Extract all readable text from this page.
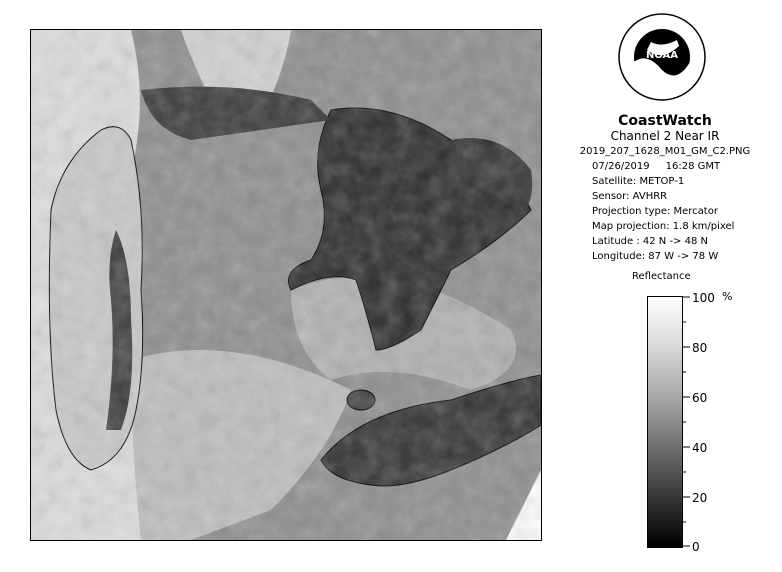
NOAA
CoastWatch
Channel 2 Near IR
2019_207_1628_M01_GM_C2.PNG
07/26/2019 16:28 GMT
Satellite: METOP-1
Sensor: AVHRR
Projection type: Mercator
Map projection: 1.8 km/pixel
Latitude : 42 N -> 48 N
Longitude: 87 W -> 78 W
Reflectance
%
100
80
60
40
20
0
